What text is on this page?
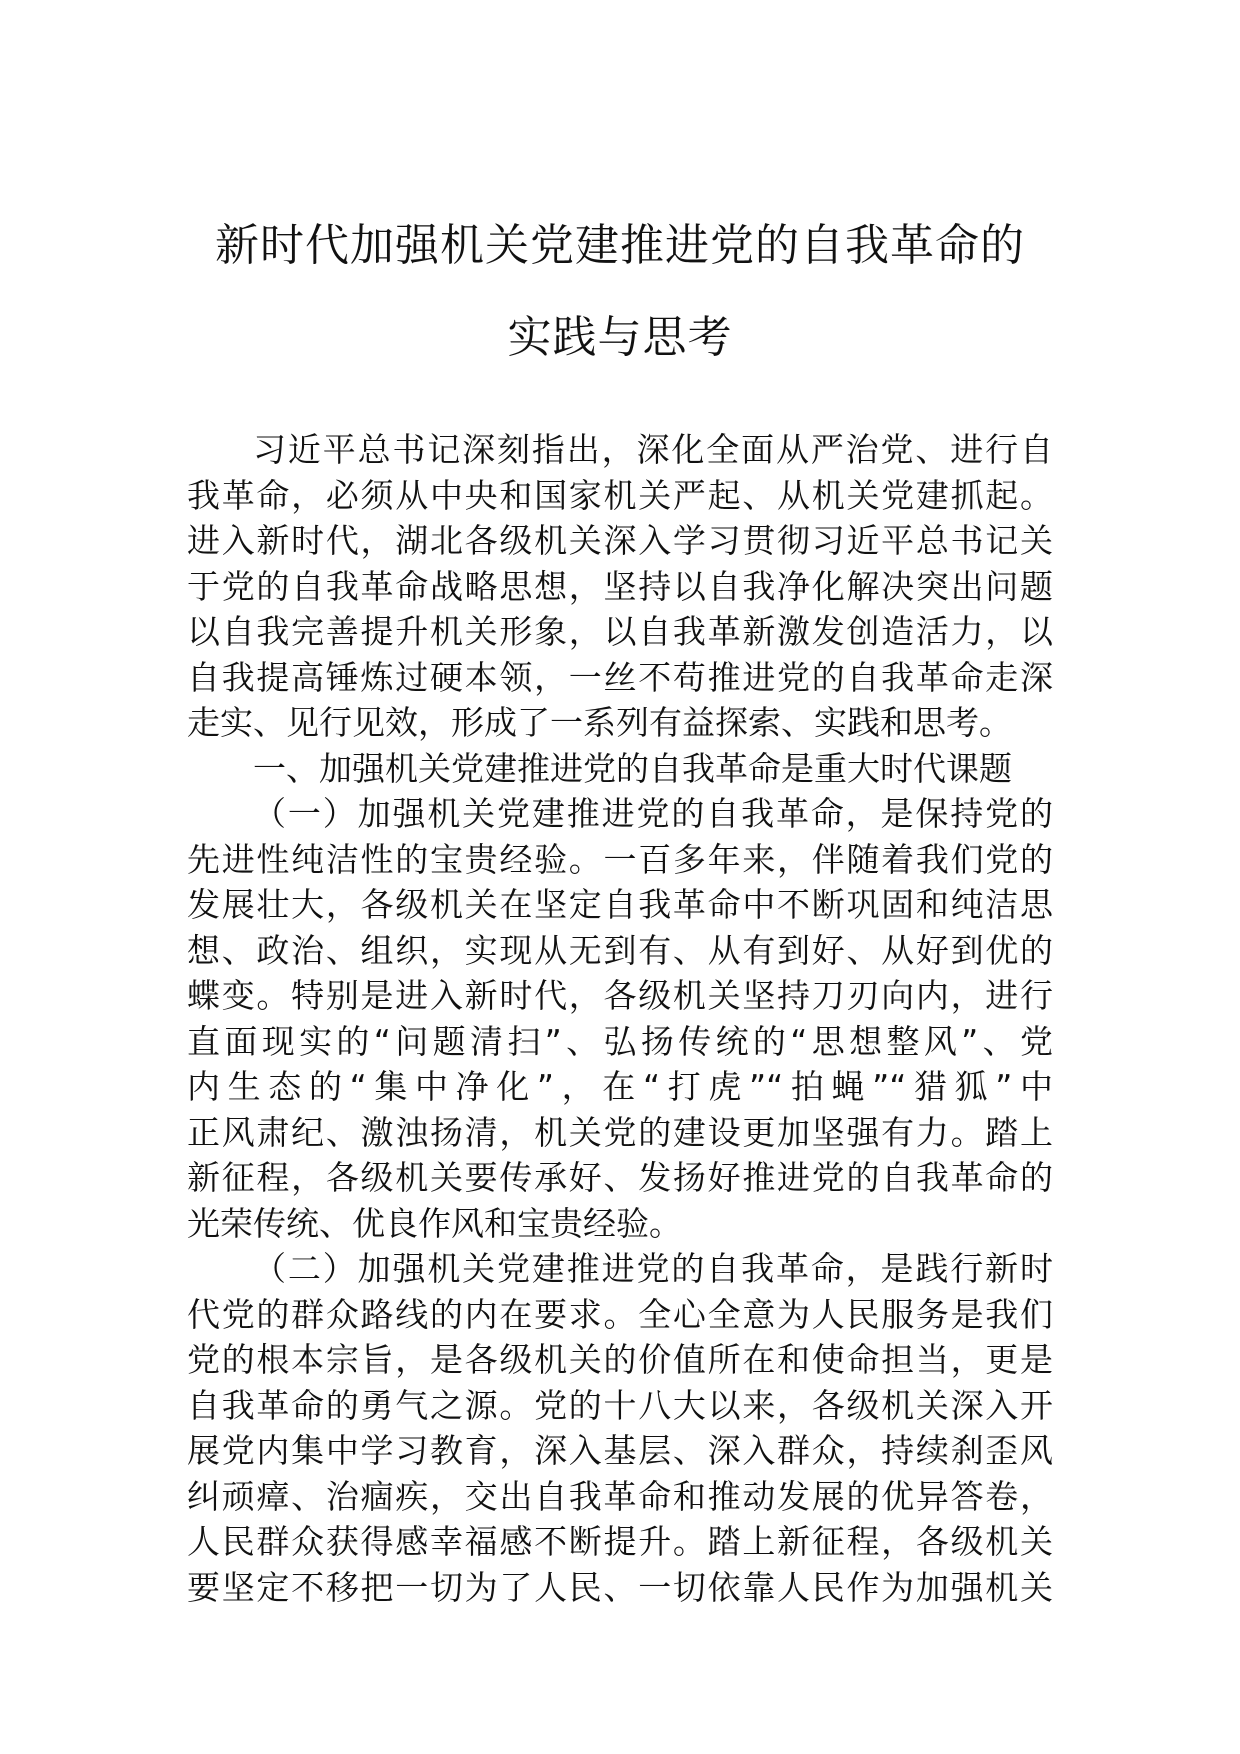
新时代加强机关党建推进党的自我革命的
实践与思考
习近平总书记深刻指出，深化全面从严治党、进行自
我革命，必须从中央和国家机关严起、从机关党建抓起。
进入新时代，湖北各级机关深入学习贯彻习近平总书记关
于党的自我革命战略思想，坚持以自我净化解决突出问题
以自我完善提升机关形象，以自我革新激发创造活力，以
自我提高锤炼过硬本领，一丝不苟推进党的自我革命走深
走实、见行见效，形成了一系列有益探索、实践和思考。
一、加强机关党建推进党的自我革命是重大时代课题
（一）加强机关党建推进党的自我革命，是保持党的
先进性纯洁性的宝贵经验。一百多年来，伴随着我们党的
发展壮大，各级机关在坚定自我革命中不断巩固和纯洁思
想、政治、组织，实现从无到有、从有到好、从好到优的
蝶变。特别是进入新时代，各级机关坚持刀刃向内，进行
直面现实的“问题清扫”、弘扬传统的“思想整风”、党
内生态的“集中净化”，在“打虎”“拍蝇”“猎狐”中
正风肃纪、激浊扬清，机关党的建设更加坚强有力。踏上
新征程，各级机关要传承好、发扬好推进党的自我革命的
光荣传统、优良作风和宝贵经验。
（二）加强机关党建推进党的自我革命，是践行新时
代党的群众路线的内在要求。全心全意为人民服务是我们
党的根本宗旨，是各级机关的价值所在和使命担当，更是
自我革命的勇气之源。党的十八大以来，各级机关深入开
展党内集中学习教育，深入基层、深入群众，持续刹歪风
纠顽瘴、治痼疾，交出自我革命和推动发展的优异答卷，
人民群众获得感幸福感不断提升。踏上新征程，各级机关
要坚定不移把一切为了人民、一切依靠人民作为加强机关
